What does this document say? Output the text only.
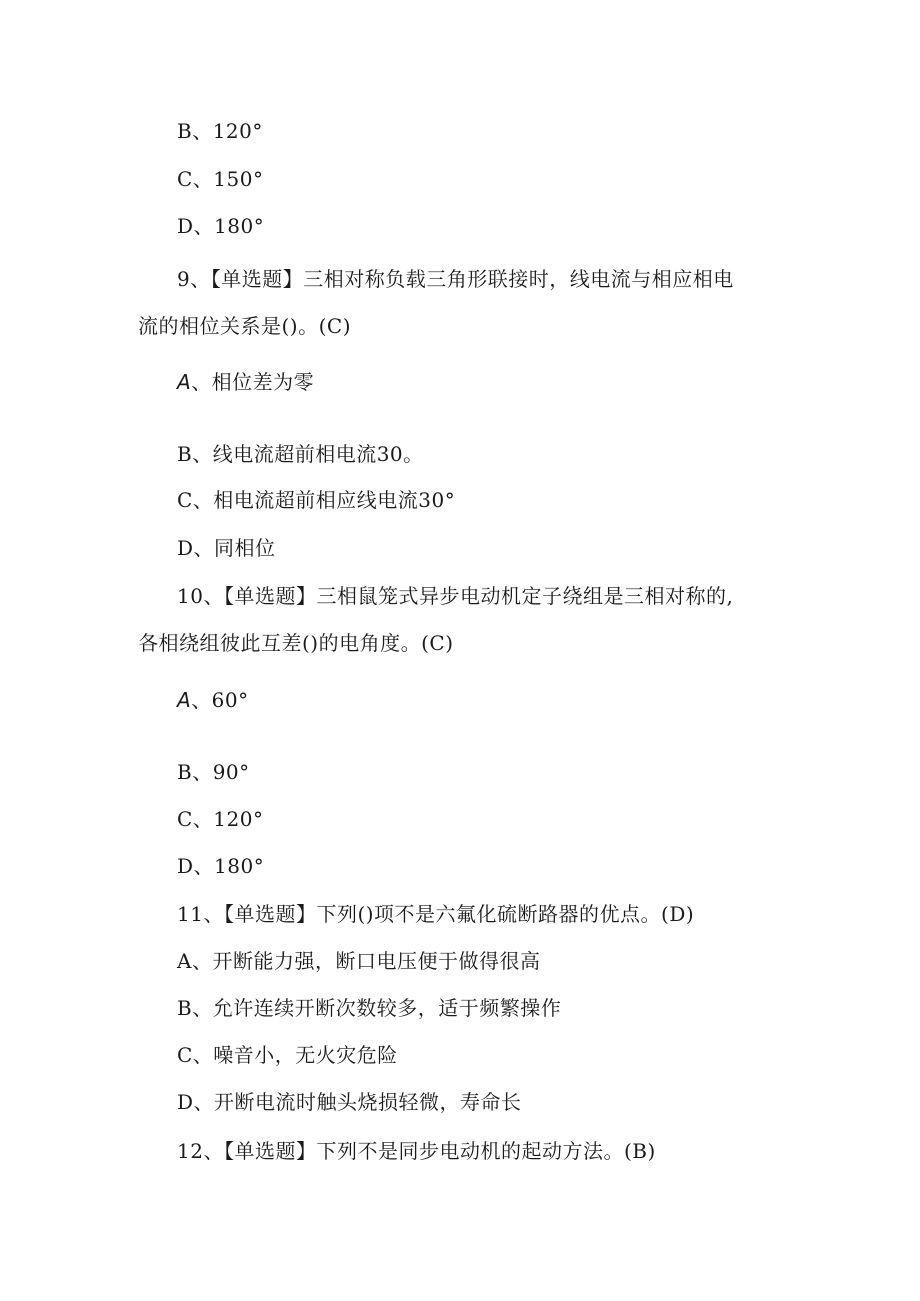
B、120°
C、150°
D、180°
9、【单选题】三相对称负载三角形联接时，线电流与相应相电
流的相位关系是()。(C)
A、相位差为零
B、线电流超前相电流30。
C、相电流超前相应线电流30°
D、同相位
10、【单选题】三相鼠笼式异步电动机定子绕组是三相对称的,
各相绕组彼此互差()的电角度。(C)
A、60°
B、90°
C、120°
D、180°
11、【单选题】下列()项不是六氟化硫断路器的优点。(D)
A、开断能力强，断口电压便于做得很高
B、允许连续开断次数较多，适于频繁操作
C、噪音小，无火灾危险
D、开断电流时触头烧损轻微，寿命长
12、【单选题】下列不是同步电动机的起动方法。(B)
